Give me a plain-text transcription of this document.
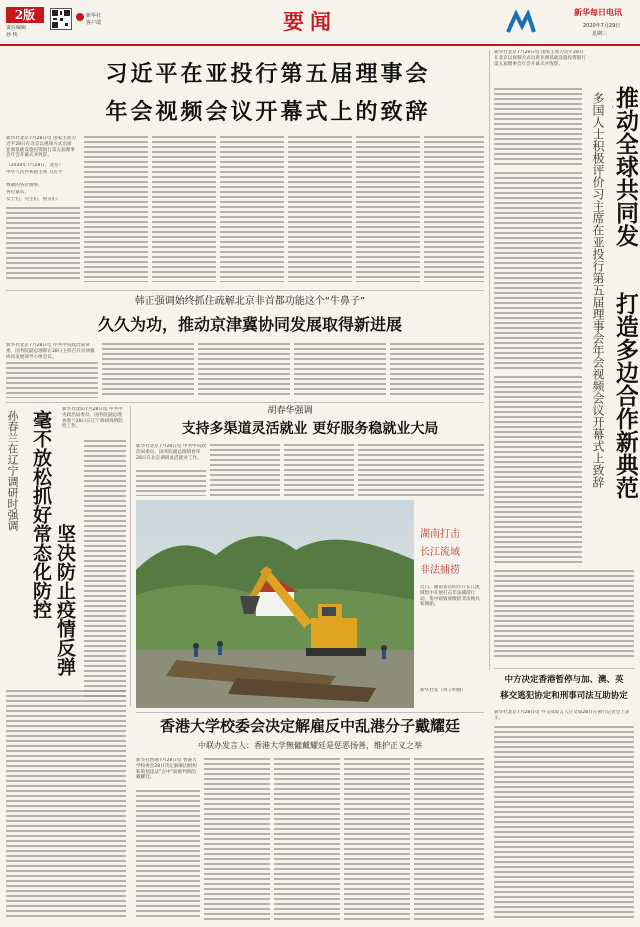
2版
责任编辑
孙 侠
新华社
客户端	要闻	新华每日电讯
2020年7月29日
星期三
习近平在亚投行第五届理事会
年会视频会议开幕式上的致辞
新华社北京7月28日电 国家主席习近平28日在北京以视频方式出席亚洲基础设施投资银行第五届理事会年会开幕式并致辞。
（2020年7月28日，北京）
中华人民共和国主席 习近平
尊敬的各位理事，
各位嘉宾，
女士们，先生们，朋友们：
新华社北京7月28日电 国家主席习近平28日在北京以视频方式出席亚洲基础设施投资银行第五届理事会年会开幕式并致辞。
推动全球共同发
打造多边合作新典范
多国人士积极评价习主席在亚投行第五届理事会年会视频会议开幕式上致辞
韩正强调始终抓住疏解北京非首都功能这个“牛鼻子”
久久为功，推动京津冀协同发展取得新进展
新华社北京7月28日电 中共中央政治局常委、国务院副总理韩正28日主持召开京津冀协同发展领导小组会议。
孙春兰在辽宁调研时强调 毫不放松抓好常态化防控 坚决防止疫情反弹
新华社沈阳7月28日电 中共中央政治局委员、国务院副总理孙春兰28日在辽宁调研疫情防控工作。
胡春华强调
支持多渠道灵活就业 更好服务稳就业大局
新华社北京7月28日电 中共中央政治局委员、国务院副总理胡春华28日在北京调研灵活就业工作。
湖南打击
长江流域
非法捕捞
近日，湖南省岳阳市在长江流域集中开展打击非法捕捞行动，集中销毁收缴的非法网具和渔船。
新华社发（周子明摄）
香港大学校委会决定解雇反中乱港分子戴耀廷
中联办发言人：香港大学無僱戴耀廷是惩恶扬善，维护正义之举
新华社香港7月28日电 香港大学校委会28日决定解雇因组织和策划违法“占中”而被判刑的戴耀廷。
中方决定香港暂停与加、澳、英
移交逃犯协定和刑事司法互助协定
新华社北京7月28日电 外交部发言人汪文斌28日在例行记者会上表示。
